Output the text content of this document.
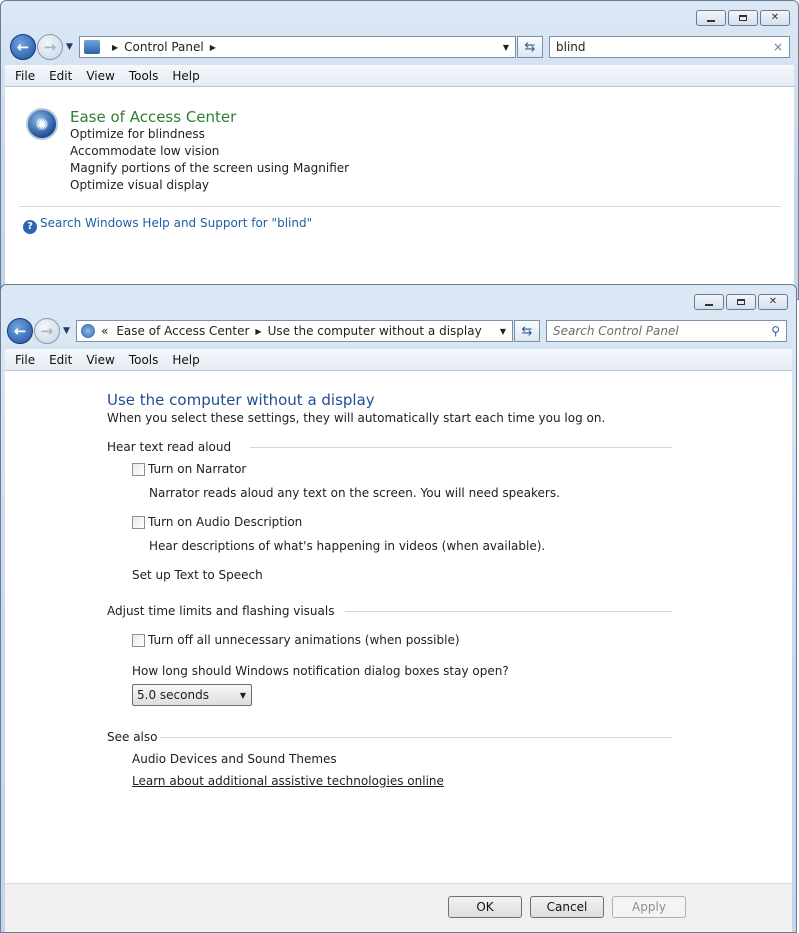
✕
← → ▼	▶ Control Panel ▶	▼ ⇆
blind	×
File Edit View Tools Help
✺	Ease of Access Center
Optimize for blindness
Accommodate low vision
Magnify portions of the screen using Magnifier
Optimize visual display
? Search Windows Help and Support for "blind"
✕
← → ▼	« Ease of Access Center ▶ Use the computer without a display ▼ ⇆
Search Control Panel	⚲
File Edit View Tools Help
Use the computer without a display
When you select these settings, they will automatically start each time you log on.
Hear text read aloud
Turn on Narrator
Narrator reads aloud any text on the screen. You will need speakers.
Turn on Audio Description
Hear descriptions of what's happening in videos (when available).
Set up Text to Speech
Adjust time limits and flashing visuals
Turn off all unnecessary animations (when possible)
How long should Windows notification dialog boxes stay open?
5.0 seconds	▼
See also
Audio Devices and Sound Themes
Learn about additional assistive technologies online
OK	Cancel	Apply
